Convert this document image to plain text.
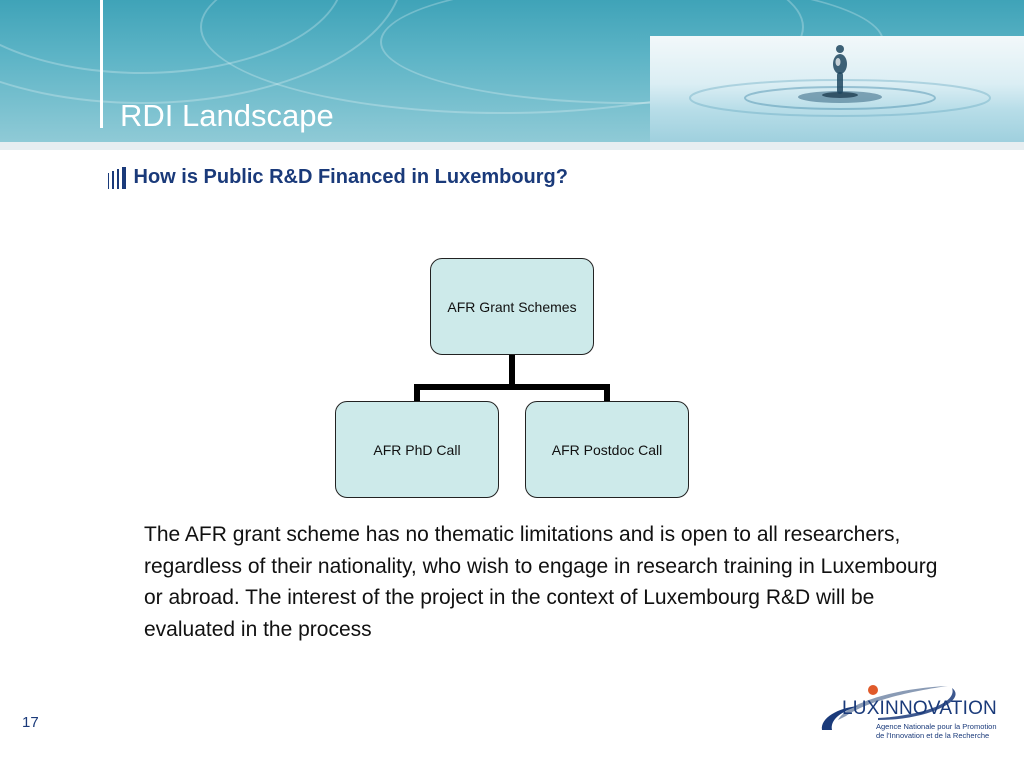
RDI Landscape
How is Public R&D Financed in Luxembourg?
AFR Grant Schemes
AFR PhD Call	AFR Postdoc Call
The AFR grant scheme has no thematic limitations and is open to all researchers, regardless of their nationality, who wish to engage in research training in Luxembourg or abroad. The interest of the project in the context of Luxembourg R&D will be evaluated in the process
17
LUXINNOVATION
Agence Nationale pour la Promotion
de l'Innovation et de la Recherche
